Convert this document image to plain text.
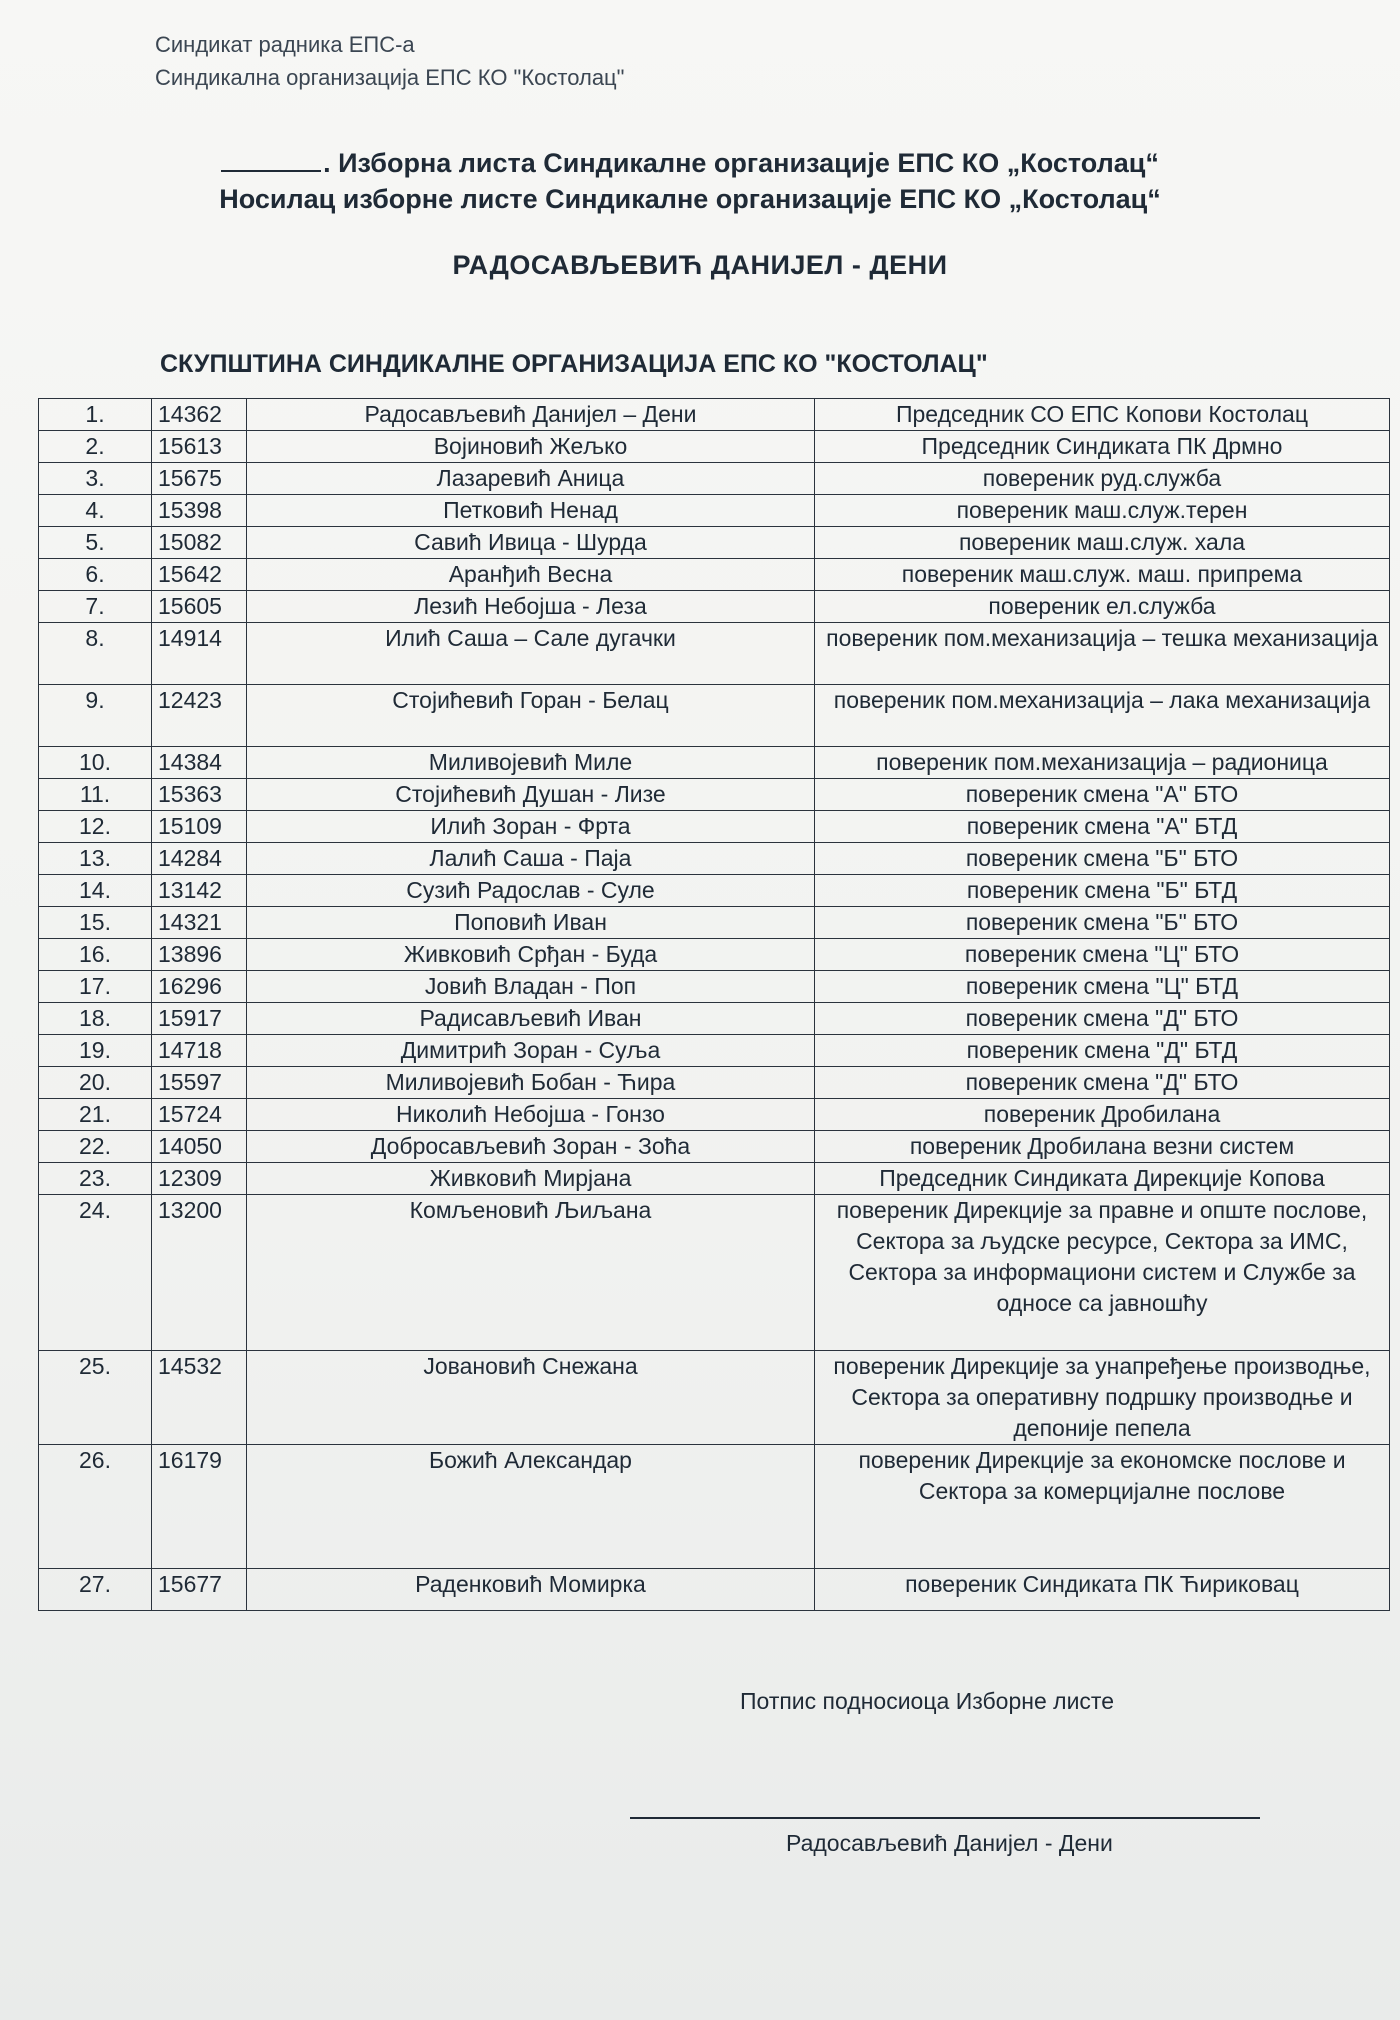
Синдикат радника ЕПС-а
Синдикална организација ЕПС КО "Костолац"
. Изборна листа Синдикалне организације ЕПС КО „Костолац“
Носилац изборне листе Синдикалне организације ЕПС КО „Костолац“
РАДОСАВЉЕВИЋ ДАНИЈЕЛ - ДЕНИ
СКУПШТИНА СИНДИКАЛНЕ ОРГАНИЗАЦИЈА ЕПС КО "КОСТОЛАЦ"
1.	14362	Радосављевић Данијел – Дени	Председник СО ЕПС Копови Костолац
2.	15613	Војиновић Жељко	Председник Синдиката ПК Дрмно
3.	15675	Лазаревић Аница	повереник руд.служба
4.	15398	Петковић Ненад	повереник маш.служ.терен
5.	15082	Савић Ивица - Шурда	повереник маш.служ. хала
6.	15642	Аранђић Весна	повереник маш.служ. маш. припрема
7.	15605	Лезић Небојша - Леза	повереник ел.служба
8.	14914	Илић Саша – Сале дугачки	повереник пом.механизација – тешка механизација
9.	12423	Стојићевић Горан - Белац	повереник пом.механизација – лака механизација
10.	14384	Миливојевић Миле	повереник пом.механизација – радионица
11.	15363	Стојићевић Душан - Лизе	повереник смена "А" БТО
12.	15109	Илић Зоран - Фрта	повереник смена "А" БТД
13.	14284	Лалић Саша - Паја	повереник смена "Б" БТО
14.	13142	Сузић Радослав - Суле	повереник смена "Б" БТД
15.	14321	Поповић Иван	повереник смена "Б" БТО
16.	13896	Живковић Срђан - Буда	повереник смена "Ц" БТО
17.	16296	Јовић Владан - Поп	повереник смена "Ц" БТД
18.	15917	Радисављевић Иван	повереник смена "Д" БТО
19.	14718	Димитрић Зоран - Суља	повереник смена "Д" БТД
20.	15597	Миливојевић Бобан - Ћира	повереник смена "Д" БТО
21.	15724	Николић Небојша - Гонзо	повереник Дробилана
22.	14050	Добросављевић Зоран - Зоћа	повереник Дробилана везни систем
23.	12309	Живковић Мирјана	Председник Синдиката Дирекције Копова
24.	13200	Комљеновић Љиљана	повереник Дирекције за правне и опште послове, Сектора за људске ресурсе, Сектора за ИМС, Сектора за информациони систем и Службе за односе са јавношћу
25.	14532	Јовановић Снежана	повереник Дирекције за унапређење производње, Сектора за оперативну подршку производње и депоније пепела
26.	16179	Божић Александар	повереник Дирекције за економске послове и Сектора за комерцијалне послове
27.	15677	Раденковић Момирка	повереник Синдиката ПК Ћириковац
Потпис подносиоца Изборне листе
Радосављевић Данијел - Дени
